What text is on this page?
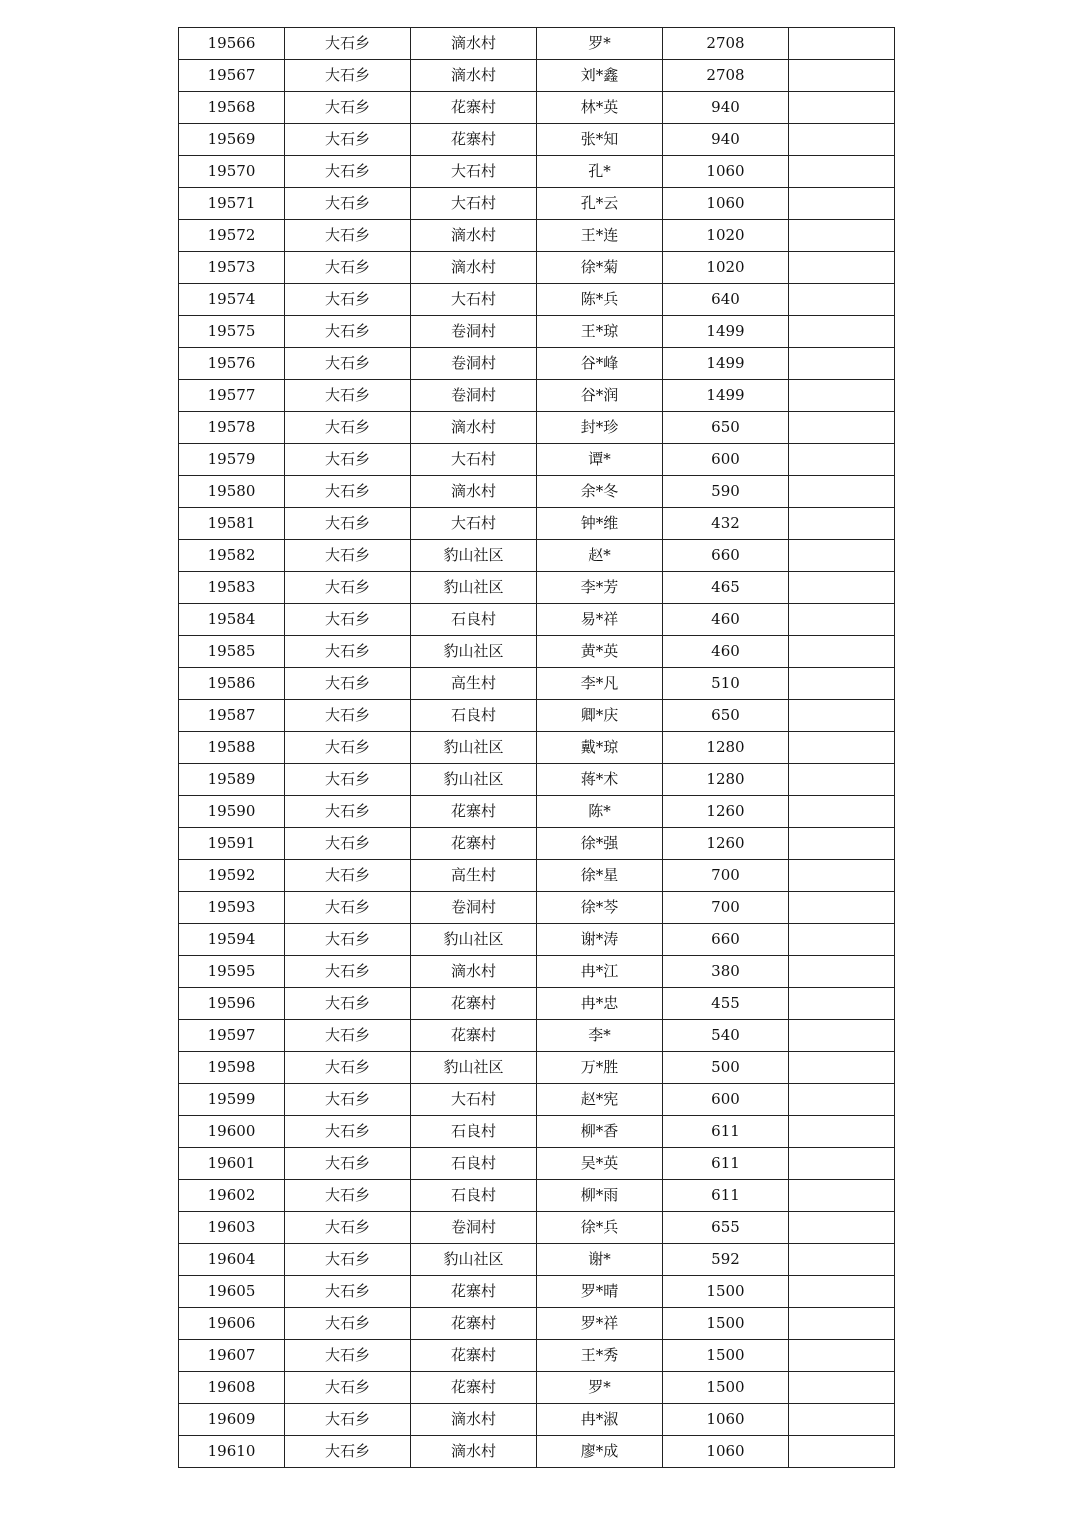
19566	大石乡	滴水村	罗*	2708	
19567	大石乡	滴水村	刘*鑫	2708	
19568	大石乡	花寨村	林*英	940	
19569	大石乡	花寨村	张*知	940	
19570	大石乡	大石村	孔*	1060	
19571	大石乡	大石村	孔*云	1060	
19572	大石乡	滴水村	王*连	1020	
19573	大石乡	滴水村	徐*菊	1020	
19574	大石乡	大石村	陈*兵	640	
19575	大石乡	卷洞村	王*琼	1499	
19576	大石乡	卷洞村	谷*峰	1499	
19577	大石乡	卷洞村	谷*润	1499	
19578	大石乡	滴水村	封*珍	650	
19579	大石乡	大石村	谭*	600	
19580	大石乡	滴水村	余*冬	590	
19581	大石乡	大石村	钟*维	432	
19582	大石乡	豹山社区	赵*	660	
19583	大石乡	豹山社区	李*芳	465	
19584	大石乡	石良村	易*祥	460	
19585	大石乡	豹山社区	黄*英	460	
19586	大石乡	高生村	李*凡	510	
19587	大石乡	石良村	卿*庆	650	
19588	大石乡	豹山社区	戴*琼	1280	
19589	大石乡	豹山社区	蒋*术	1280	
19590	大石乡	花寨村	陈*	1260	
19591	大石乡	花寨村	徐*强	1260	
19592	大石乡	高生村	徐*星	700	
19593	大石乡	卷洞村	徐*芩	700	
19594	大石乡	豹山社区	谢*涛	660	
19595	大石乡	滴水村	冉*江	380	
19596	大石乡	花寨村	冉*忠	455	
19597	大石乡	花寨村	李*	540	
19598	大石乡	豹山社区	万*胜	500	
19599	大石乡	大石村	赵*宪	600	
19600	大石乡	石良村	柳*香	611	
19601	大石乡	石良村	吴*英	611	
19602	大石乡	石良村	柳*雨	611	
19603	大石乡	卷洞村	徐*兵	655	
19604	大石乡	豹山社区	谢*	592	
19605	大石乡	花寨村	罗*晴	1500	
19606	大石乡	花寨村	罗*祥	1500	
19607	大石乡	花寨村	王*秀	1500	
19608	大石乡	花寨村	罗*	1500	
19609	大石乡	滴水村	冉*淑	1060	
19610	大石乡	滴水村	廖*成	1060	
